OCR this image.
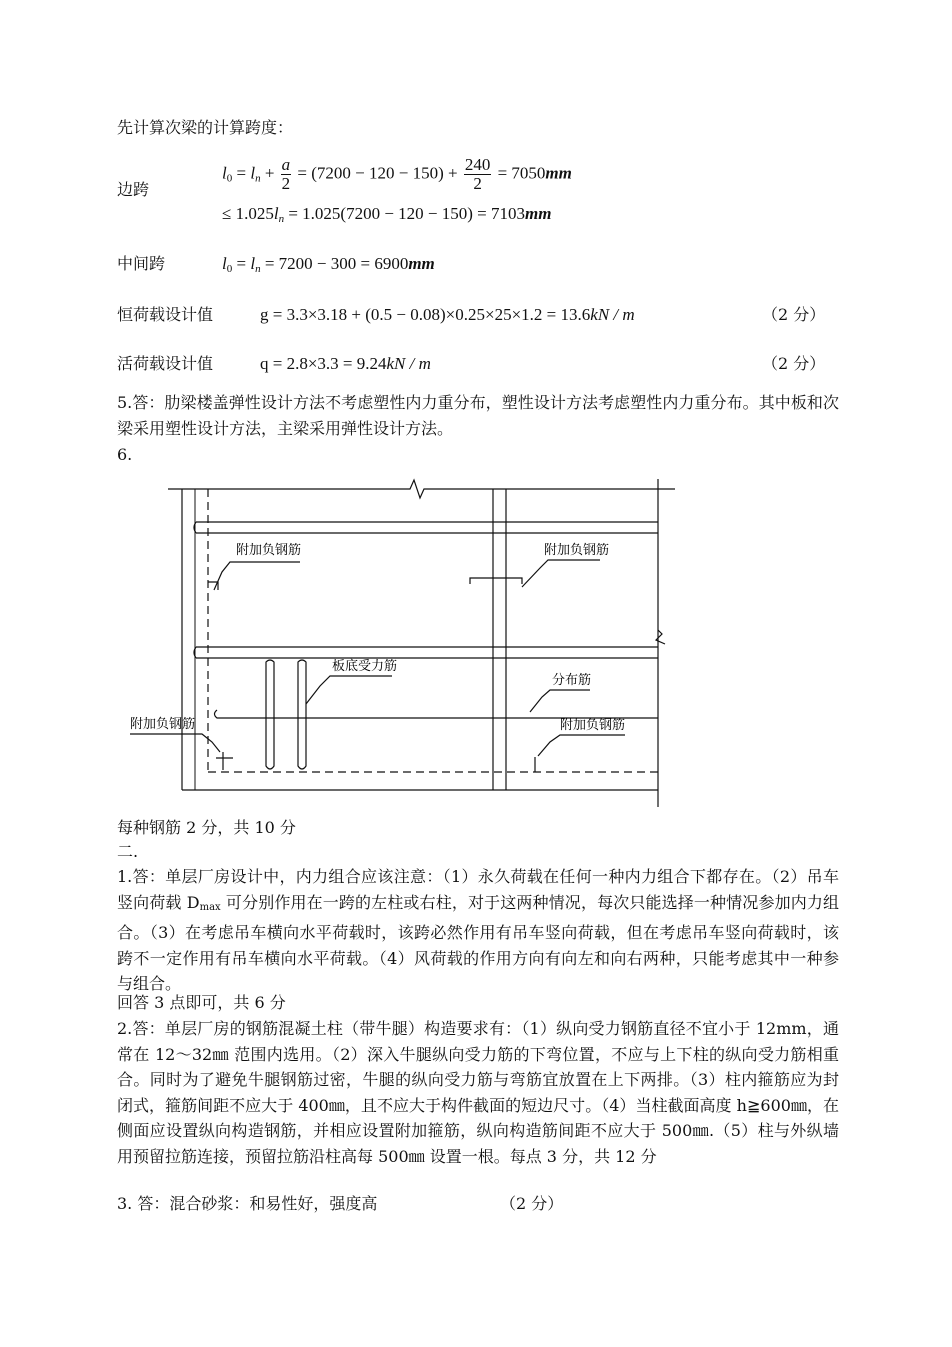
先计算次梁的计算跨度：
边跨
$l_0 = l_n + \frac{a}{2} = (7200 - 120 - 150) + \frac{240}{2} = 7050mm$
≤ $1.025l_n = 1.025(7200 - 120 - 150) = 7103mm$
中间跨	$l_0 = l_n = 7200 - 300 = 6900mm$
恒荷载设计值	g = 3.3×3.18 + (0.5 − 0.08)×0.25×25×1.2 = 13.6kN / m	（2 分）
活荷载设计值	q = 2.8×3.3 = 9.24kN / m	（2 分）
5.答：肋梁楼盖弹性设计方法不考虑塑性内力重分布，塑性设计方法考虑塑性内力重分布。其中板和次梁采用塑性设计方法，主梁采用弹性设计方法。
6.
附加负钢筋	附加负钢筋
板底受力筋
分布筋
附加负钢筋	附加负钢筋
每种钢筋 2 分，共 10 分
二.
1.答：单层厂房设计中，内力组合应该注意：（1）永久荷载在任何一种内力组合下都存在。（2）吊车竖向荷载 $D_{max}$ 可分别作用在一跨的左柱或右柱，对于这两种情况，每次只能选择一种情况参加内力组合。（3）在考虑吊车横向水平荷载时，该跨必然作用有吊车竖向荷载，但在考虑吊车竖向荷载时，该跨不一定作用有吊车横向水平荷载。（4）风荷载的作用方向有向左和向右两种，只能考虑其中一种参与组合。
回答 3 点即可，共 6 分
2.答：单层厂房的钢筋混凝土柱（带牛腿）构造要求有：（1）纵向受力钢筋直径不宜小于 12mm，通常在 12～32㎜ 范围内选用。（2）深入牛腿纵向受力筋的下弯位置，不应与上下柱的纵向受力筋相重合。同时为了避免牛腿钢筋过密，牛腿的纵向受力筋与弯筋宜放置在上下两排。（3）柱内箍筋应为封闭式，箍筋间距不应大于 400㎜，且不应大于构件截面的短边尺寸。（4）当柱截面高度 h≧600㎜，在侧面应设置纵向构造钢筋，并相应设置附加箍筋，纵向构造筋间距不应大于 500㎜.（5）柱与外纵墙用预留拉筋连接，预留拉筋沿柱高每 500㎜ 设置一根。每点 3 分，共 12 分
3. 答：混合砂浆：和易性好，强度高	（2 分）
